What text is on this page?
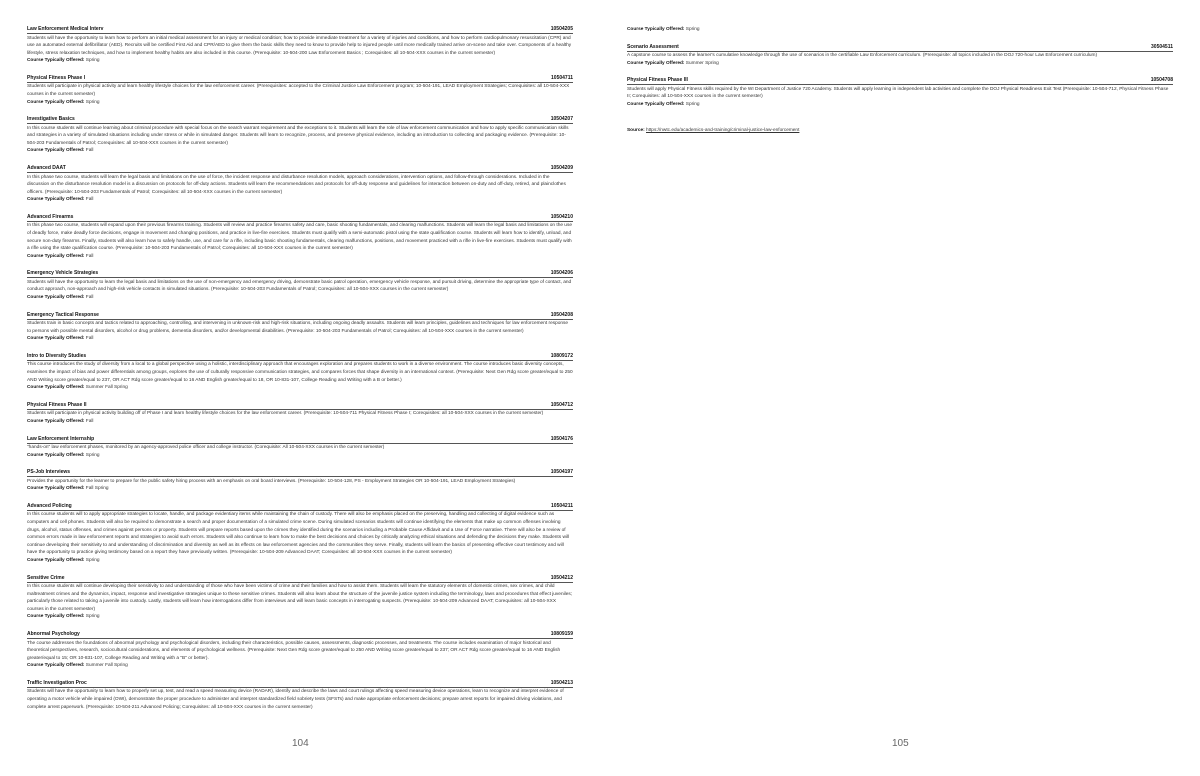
Law Enforcement Medical Interv	10504205
Students will have the opportunity to learn how to perform an initial medical assessment for an injury or medical condition; how to provide immediate treatment for a variety of injuries and conditions, and how to perform cardiopulmonary resuscitation (CPR) and use an automated external defibrillator (AED). Recruits will be certified First Aid and CPR/AED to give them the basic skills they need to know to provide help to injured people until more medically trained arrive on-scene and take over. Components of a healthy lifestyle, stress relaxation techniques, and how to implement healthy habits are also included in this course. (Prerequisite: 10-504-200 Law Enforcement Basics ; Corequisites: all 10-504-XXX courses in the current semester)
Course Typically Offered: Spring
Physical Fitness Phase I	10504711
Students will participate in physical activity and learn healthy lifestyle choices for the law enforcement career. (Prerequisites: accepted to the Criminal Justice Law Enforcement program; 10-504-191, LEAD Employment Strategies; Corequisites: all 10-504-XXX courses in the current semester)
Course Typically Offered: Spring
Investigative Basics	10504207
In this course students will continue learning about criminal procedure with special focus on the search warrant requirement and the exceptions to it. Students will learn the role of law enforcement communication and how to apply specific communication skills and strategies in a variety of simulated situations including under stress or while in simulated danger. Students will learn to recognize, process, and preserve physical evidence, including an introduction to collecting and packaging evidence. (Prerequisite: 10-504-203 Fundamentals of Patrol; Corequisites: all 10-504-XXX courses in the current semester)
Course Typically Offered: Fall
Advanced DAAT	10504209
In this phase two course, students will learn the legal basis and limitations on the use of force, the incident response and disturbance resolution models, approach considerations, intervention options, and follow-through considerations. Included in the discussion on the disturbance resolution model is a discussion on protocols for off-duty actions. Students will learn the recommendations and protocols for off-duty response and guidelines for interaction between on-duty and off-duty, retired, and plainclothes officers. (Prerequisite: 10-504-203 Fundamentals of Patrol; Corequisites: all 10-504-XXX courses in the current semester)
Course Typically Offered: Fall
Advanced Firearms	10504210
In this phase two course, students will expand upon their previous firearms training. Students will review and practice firearms safety and care, basic shooting fundamentals, and clearing malfunctions. Students will learn the legal basis and limitations on the use of deadly force, make deadly force decisions, engage in movement and changing positions, and practice in live-fire exercises. Students must qualify with a semi-automatic pistol using the state qualification course. Students will learn how to identify, unload, and secure non-duty firearms. Finally, students will also learn how to safely handle, use, and care for a rifle, including basic shooting fundamentals, clearing malfunctions, positions, and movement practiced with a rifle in live-fire exercises. Students must qualify with a rifle using the state qualification course. (Prerequisite: 10-504-203 Fundamentals of Patrol; Corequisites: all 10-504-XXX courses in the current semester)
Course Typically Offered: Fall
Emergency Vehicle Strategies	10504206
Students will have the opportunity to learn the legal basis and limitations on the use of non-emergency and emergency driving, demonstrate basic patrol operation, emergency vehicle response, and pursuit driving, determine the appropriate type of contact, and conduct approach, non-approach and high-risk vehicle contacts in simulated situations. (Prerequisite: 10-504-203 Fundamentals of Patrol; Corequisites: all 10-504-XXX courses in the current semester)
Course Typically Offered: Fall
Emergency Tactical Response	10504208
Students train in basic concepts and tactics related to approaching, controlling, and intervening in unknown-risk and high-risk situations, including ongoing deadly assaults. Students will learn principles, guidelines and techniques for law enforcement response to persons with possible mental disorders, alcohol or drug problems, dementia disorders, and/or developmental disabilities. (Prerequisite: 10-504-203 Fundamentals of Patrol; Corequisites: all 10-504-XXX courses in the current semester)
Course Typically Offered: Fall
Intro to Diversity Studies	10809172
This course introduces the study of diversity from a local to a global perspective using a holistic, interdisciplinary approach that encourages exploration and prepares students to work in a diverse environment. The course introduces basic diversity concepts, examines the impact of bias and power differentials among groups, explores the use of culturally responsive communication strategies, and compares forces that shape diversity in an international context. (Prerequisite: Next Gen Rdg score greater/equal to 250 AND Writing score greater/equal to 237, OR ACT Rdg score greater/equal to 16 AND English greater/equal to 18, OR 10-831-107, College Reading and Writing with a B or better.)
Course Typically Offered: Summer Fall Spring
Physical Fitness Phase II	10504712
Students will participate in physical activity building off of Phase I and learn healthy lifestyle choices for the law enforcement career. (Prerequisite: 10-504-711 Physical Fitness Phase I; Corequisites: all 10-504-XXX courses in the current semester)
Course Typically Offered: Fall
Law Enforcement Internship	10504176
"hands-on" law enforcement phases, monitored by an agency-approved police officer and college instructor. (Corequisite: All 10-504-XXX courses in the current semester)
Course Typically Offered: Spring
PS-Job Interviews	10504197
Provides the opportunity for the learner to prepare for the public safety hiring process with an emphasis on oral board interviews. (Prerequisite: 10-504-128, PS - Employment Strategies OR 10-504-191, LEAD Employment Strategies)
Course Typically Offered: Fall Spring
Advanced Policing	10504211
In this course students will to apply appropriate strategies to locate, handle, and package evidentiary items while maintaining the chain of custody. There will also be emphasis placed on the preserving, handling and collecting of digital evidence such as computers and cell phones. Students will also be required to demonstrate a search and proper documentation of a simulated crime scene. During simulated scenarios students will continue identifying the elements that make up common offenses involving drugs, alcohol, status offenses, and crimes against persons or property. Students will prepare reports based upon the crimes they identified during the scenarios including a Probable Cause Affidavit and a Use of Force narrative. There will also be a review of common errors made in law enforcement reports and strategies to avoid such errors. Students will also continue to learn how to make the best decisions and choices by critically analyzing ethical situations and defending the decisions they make. Students will continue developing their sensitivity to and understanding of discrimination and diversity as well as its effects on law enforcement agencies and the communities they serve. Finally, students will learn the basics of presenting effective court testimony and will have the opportunity to practice giving testimony based on a report they have previously written. (Prerequisite: 10-504-209 Advanced DAAT; Corequisites: all 10-504-XXX courses in the current semester)
Course Typically Offered: Spring
Sensitive Crime	10504212
In this course students will continue developing their sensitivity to and understanding of those who have been victims of crime and their families and how to assist them. Students will learn the statutory elements of domestic crimes, sex crimes, and child maltreatment crimes and the dynamics, impact, response and investigative strategies unique to these sensitive crimes. Students will also learn about the structure of the juvenile justice system including the terminology, laws and procedures that effect juveniles; particularly those related to taking a juvenile into custody. Lastly, students will learn how interrogations differ from interviews and will learn basic concepts in interrogating suspects. (Prerequisite: 10-504-209 Advanced DAAT; Corequisites: all 10-504-XXX courses in the current semester)
Course Typically Offered: Spring
Abnormal Psychology	10809159
The course addresses the foundations of abnormal psychology and psychological disorders, including their characteristics, possible causes, assessments, diagnostic processes, and treatments. The course includes examination of major historical and theoretical perspectives, research, sociocultural considerations, and elements of psychological wellness. (Prerequisite: Next Gen Rdg score greater/equal to 250 AND Writing score greater/equal to 237; OR ACT Rdg score greater/equal to 16 AND English greater/equal to 15; OR 10-831-107, College Reading and Writing with a "B" or better).
Course Typically Offered: Summer Fall Spring
Traffic Investigation Proc	10504213
Students will have the opportunity to learn how to properly set up, test, and read a speed measuring device (RADAR), identify and describe the laws and court rulings affecting speed measuring device operations, learn to recognize and interpret evidence of operating a motor vehicle while impaired (OWI), demonstrate the proper procedure to administer and interpret standardized field sobriety tests (SFSTs) and make appropriate enforcement decisions; prepare arrest reports for impaired driving violations, and complete arrest paperwork. (Prerequisite: 10-504-211 Advanced Policing; Corequisites: all 10-504-XXX courses in the current semester)
Course Typically Offered: Spring
Scenario Assessment	30504511
A capstone course to assess the learner's cumulative knowledge through the use of scenarios in the certifiable Law Enforcement curriculum. (Prerequisite: all topics included in the DOJ 720-hour Law Enforcement curriculum)
Course Typically Offered: Summer Spring
Physical Fitness Phase III	10504708
Students will apply Physical Fitness skills required by the WI Department of Justice 720 Academy. Students will apply learning in independent lab activities and complete the DOJ Physical Readiness Exit Test (Prerequisite: 10-504-712, Physical Fitness Phase II; Corequisites: all 10-504-XXX courses in the current semester)
Course Typically Offered: Spring
Source: https://nwtc.edu/academics-and-training/criminal-justice-law-enforcement
104	105
